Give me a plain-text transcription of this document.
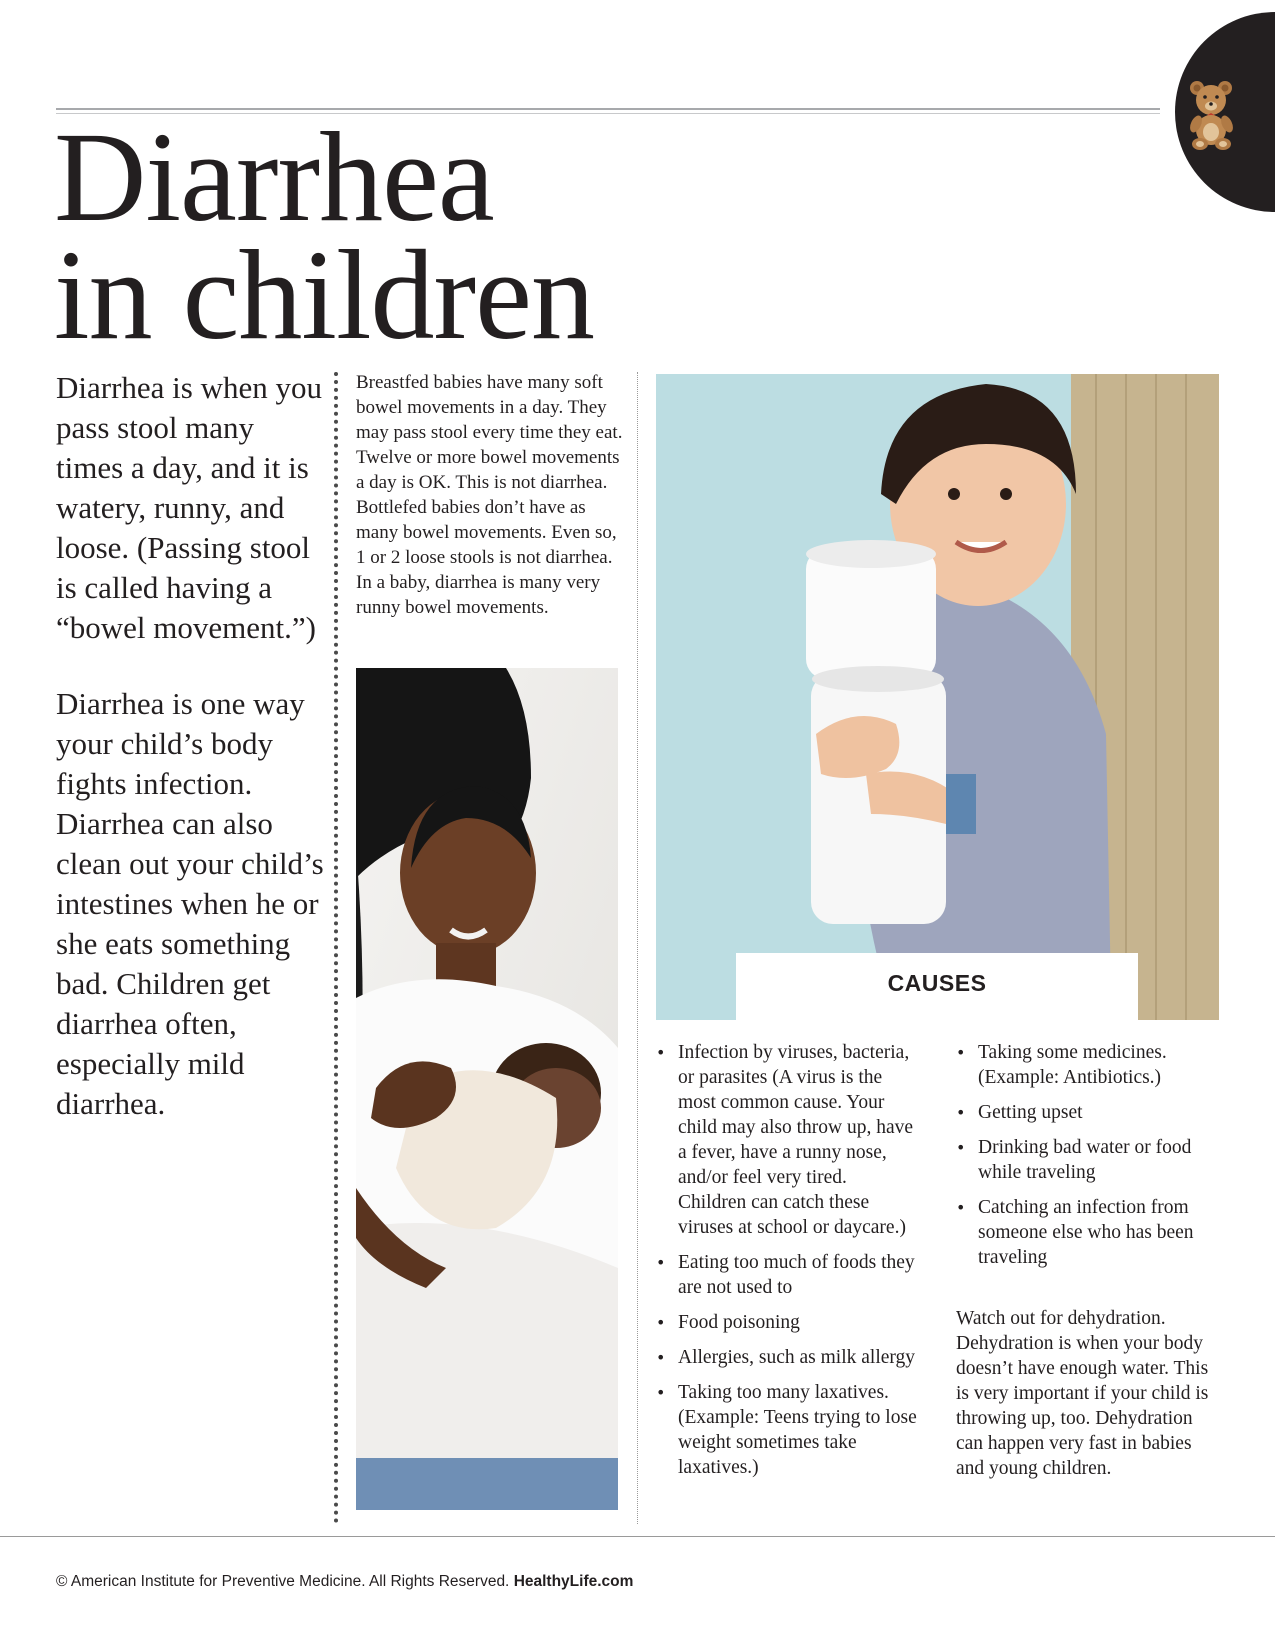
Diarrhea
in children

Diarrhea is when you pass stool many times a day, and it is watery, runny, and loose. (Passing stool is called having a “bowel movement.”)

Diarrhea is one way your child’s body fights infection. Diarrhea can also clean out your child’s intestines when he or she eats something bad. Children get diarrhea often, especially mild diarrhea.

Breastfed babies have many soft bowel movements in a day. They may pass stool every time they eat. Twelve or more bowel movements a day is OK. This is not diarrhea. Bottlefed babies don’t have as many bowel movements. Even so, 1 or 2 loose stools is not diarrhea. In a baby, diarrhea is many very runny bowel movements.
CAUSES
• Infection by viruses, bacteria, or parasites (A virus is the most common cause. Your child may also throw up, have a fever, have a runny nose, and/or feel very tired. Children can catch these viruses at school or daycare.)
• Eating too much of foods they are not used to
• Food poisoning
• Allergies, such as milk allergy
• Taking too many laxatives. (Example: Teens trying to lose weight sometimes take laxatives.)
• Taking some medicines. (Example: Antibiotics.)
• Getting upset
• Drinking bad water or food while traveling
• Catching an infection from someone else who has been traveling
Watch out for dehydration. Dehydration is when your body doesn’t have enough water. This is very important if your child is throwing up, too. Dehydration can happen very fast in babies and young children.
© American Institute for Preventive Medicine. All Rights Reserved. HealthyLife.com
